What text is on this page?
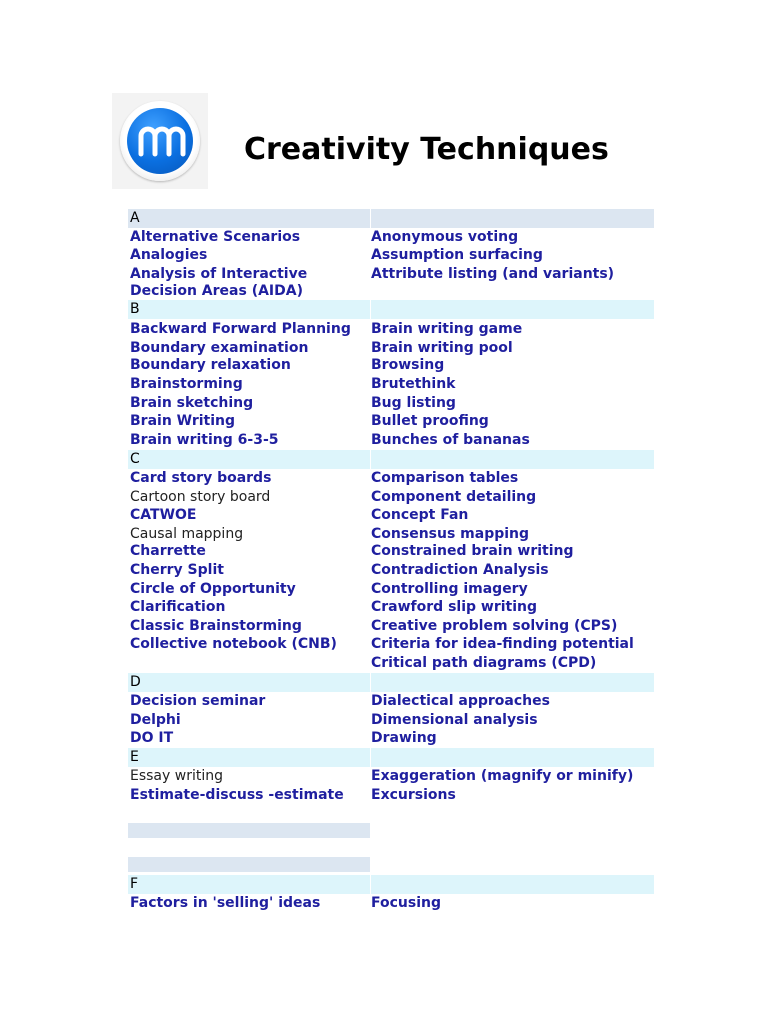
Creativity Techniques
A
Alternative Scenarios
Analogies
Analysis of Interactive
Decision Areas (AIDA)
Anonymous voting
Assumption surfacing
Attribute listing (and variants)
B
Backward Forward Planning
Boundary examination
Boundary relaxation
Brainstorming
Brain sketching
Brain Writing
Brain writing 6-3-5
Brain writing game
Brain writing pool
Browsing
Brutethink
Bug listing
Bullet proofing
Bunches of bananas
C
Card story boards
Cartoon story board
CATWOE
Causal mapping
Charrette
Cherry Split
Circle of Opportunity
Clarification
Classic Brainstorming
Collective notebook (CNB)
Comparison tables
Component detailing
Concept Fan
Consensus mapping
Constrained brain writing
Contradiction Analysis
Controlling imagery
Crawford slip writing
Creative problem solving (CPS)
Criteria for idea-finding potential
Critical path diagrams (CPD)
D
Decision seminar
Delphi
DO IT
Dialectical approaches
Dimensional analysis
Drawing
E
Essay writing
Estimate-discuss -estimate
Exaggeration (magnify or minify)
Excursions
F
Factors in 'selling' ideas	Focusing
